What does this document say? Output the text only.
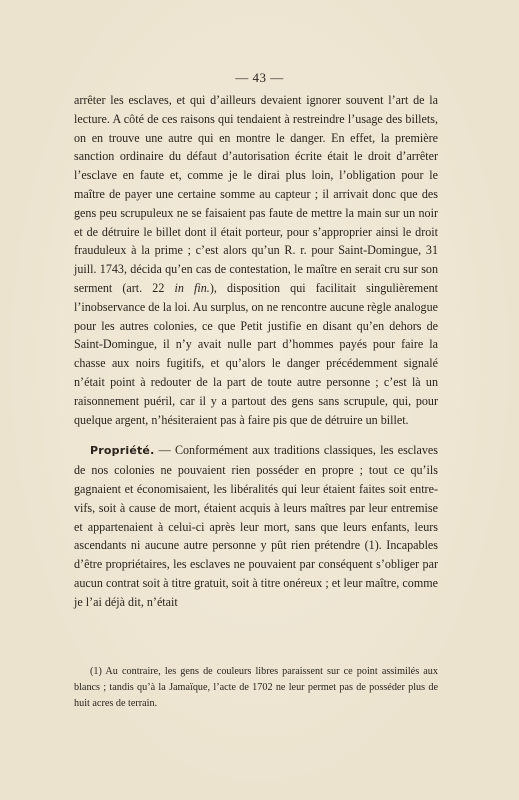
— 43 —

arrêter les esclaves, et qui d’ailleurs devaient ignorer souvent l’art de la lecture. A côté de ces raisons qui tendaient à restreindre l’usage des billets, on en trouve une autre qui en montre le danger. En effet, la première sanction ordinaire du défaut d’autorisation écrite était le droit d’arrêter l’esclave en faute et, comme je le dirai plus loin, l’obligation pour le maître de payer une certaine somme au capteur ; il arrivait donc que des gens peu scrupuleux ne se faisaient pas faute de mettre la main sur un noir et de détruire le billet dont il était porteur, pour s’approprier ainsi le droit frauduleux à la prime ; c’est alors qu’un R. r. pour Saint-Domingue, 31 juill. 1743, décida qu’en cas de contestation, le maître en serait cru sur son serment (art. 22 in fin.), disposition qui facilitait singulièrement l’inobservance de la loi. Au surplus, on ne rencontre aucune règle analogue pour les autres colonies, ce que Petit justifie en disant qu’en dehors de Saint-Domingue, il n’y avait nulle part d’hommes payés pour faire la chasse aux noirs fugitifs, et qu’alors le danger précédemment signalé n’était point à redouter de la part de toute autre personne ; c’est là un raisonnement puéril, car il y a partout des gens sans scrupule, qui, pour quelque argent, n’hésiteraient pas à faire pis que de détruire un billet.

Propriété. — Conformément aux traditions classiques, les esclaves de nos colonies ne pouvaient rien posséder en propre ; tout ce qu’ils gagnaient et économisaient, les libéralités qui leur étaient faites soit entre-vifs, soit à cause de mort, étaient acquis à leurs maîtres par leur entremise et appartenaient à celui-ci après leur mort, sans que leurs enfants, leurs ascendants ni aucune autre personne y pût rien prétendre (1). Incapables d’être propriétaires, les esclaves ne pouvaient par conséquent s’obliger par aucun contrat soit à titre gratuit, soit à titre onéreux ; et leur maître, comme je l’ai déjà dit, n’était

(1) Au contraire, les gens de couleurs libres paraissent sur ce point assimilés aux blancs ; tandis qu’à la Jamaïque, l’acte de 1702 ne leur permet pas de posséder plus de huit acres de terrain.
